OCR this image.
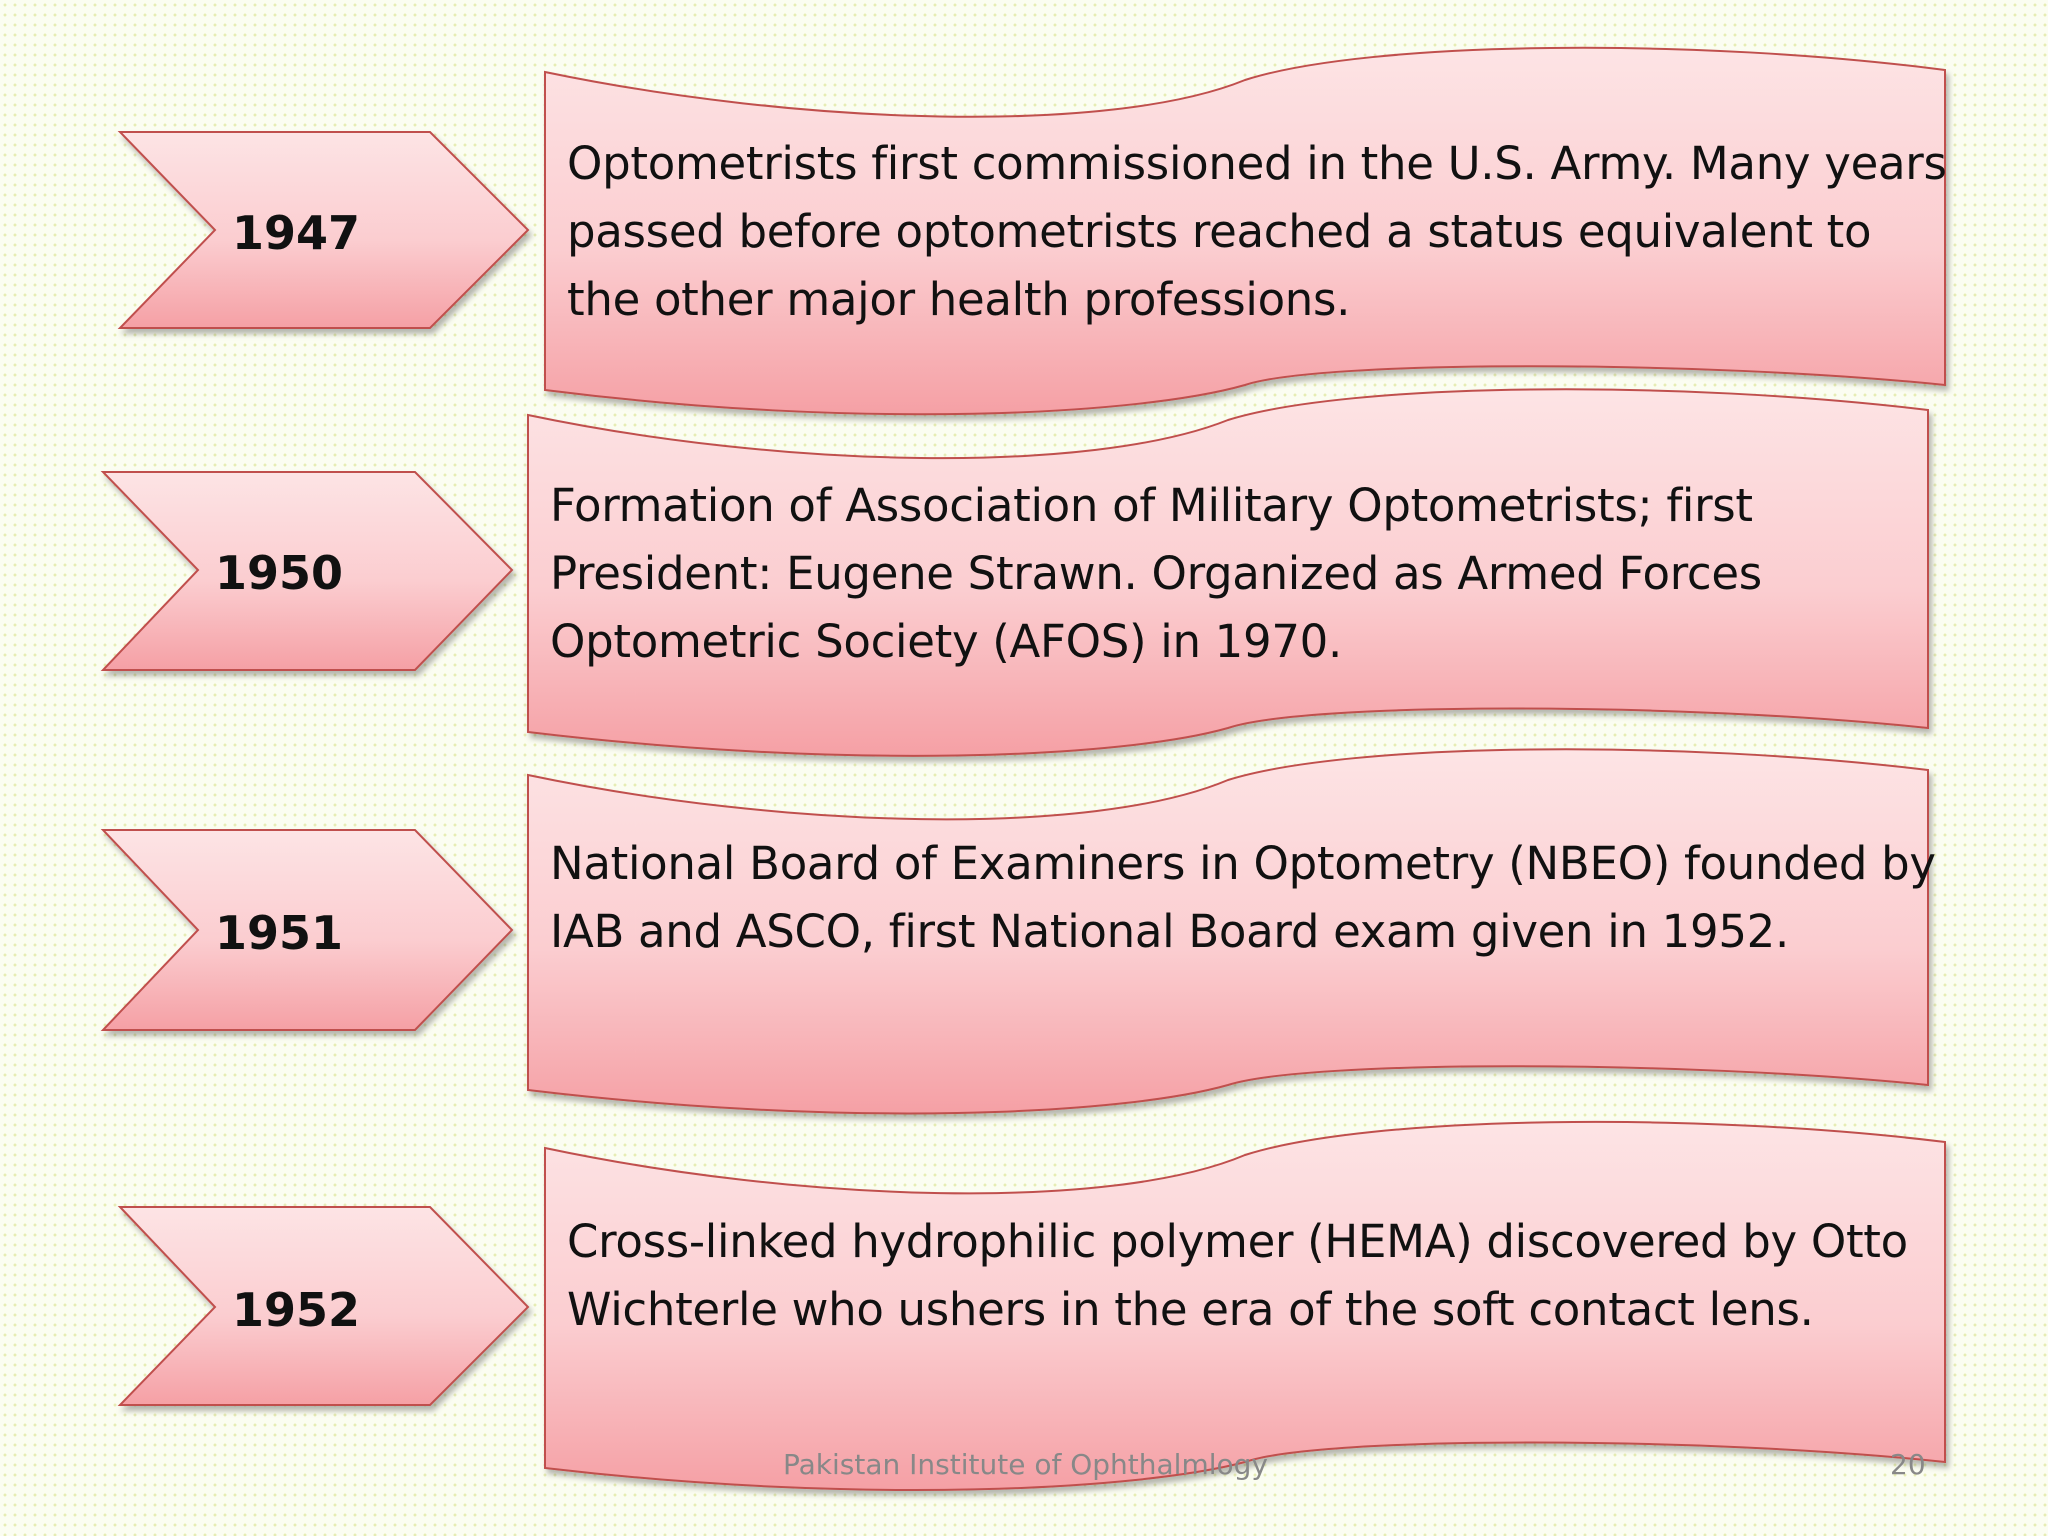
1947
1950
1951
1952
Optometrists first commissioned in the U.S. Army. Many years passed before optometrists reached a status equivalent to the other major health professions.
Formation of Association of Military Optometrists; first President: Eugene Strawn. Organized as Armed Forces Optometric Society (AFOS) in 1970.
National Board of Examiners in Optometry (NBEO) founded by IAB and ASCO, first National Board exam given in 1952.
Cross-linked hydrophilic polymer (HEMA) discovered by Otto Wichterle who ushers in the era of the soft contact lens.
Pakistan Institute of Ophthalmlogy	20
